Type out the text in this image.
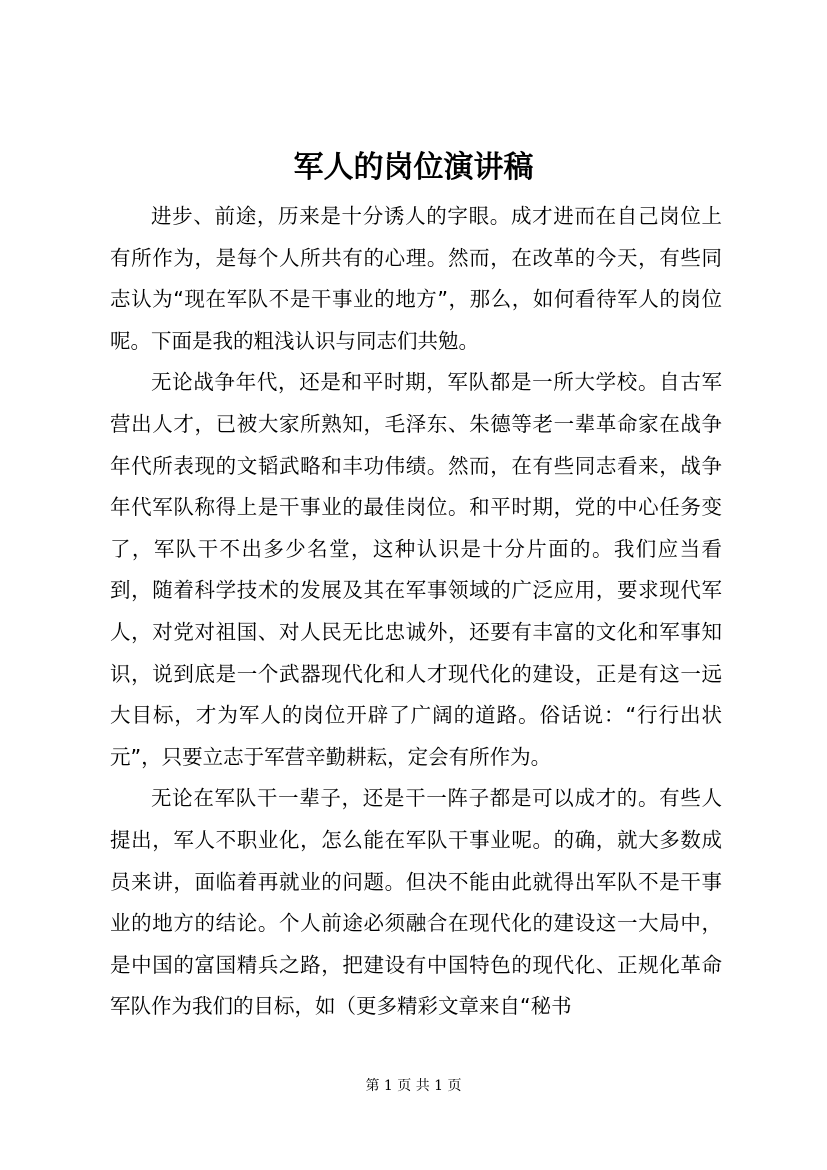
军人的岗位演讲稿

进步、前途，历来是十分诱人的字眼。成才进而在自己岗位上有所作为，是每个人所共有的心理。然而，在改革的今天，有些同志认为“现在军队不是干事业的地方”，那么，如何看待军人的岗位呢。下面是我的粗浅认识与同志们共勉。

无论战争年代，还是和平时期，军队都是一所大学校。自古军营出人才，已被大家所熟知，毛泽东、朱德等老一辈革命家在战争年代所表现的文韬武略和丰功伟绩。然而，在有些同志看来，战争年代军队称得上是干事业的最佳岗位。和平时期，党的中心任务变了，军队干不出多少名堂，这种认识是十分片面的。我们应当看到，随着科学技术的发展及其在军事领域的广泛应用，要求现代军人，对党对祖国、对人民无比忠诚外，还要有丰富的文化和军事知识，说到底是一个武器现代化和人才现代化的建设，正是有这一远大目标，才为军人的岗位开辟了广阔的道路。俗话说：“行行出状元”，只要立志于军营辛勤耕耘，定会有所作为。

无论在军队干一辈子，还是干一阵子都是可以成才的。有些人提出，军人不职业化，怎么能在军队干事业呢。的确，就大多数成员来讲，面临着再就业的问题。但决不能由此就得出军队不是干事业的地方的结论。个人前途必须融合在现代化的建设这一大局中，是中国的富国精兵之路，把建设有中国特色的现代化、正规化革命军队作为我们的目标，如（更多精彩文章来自“秘书

第 1 页 共 1 页
